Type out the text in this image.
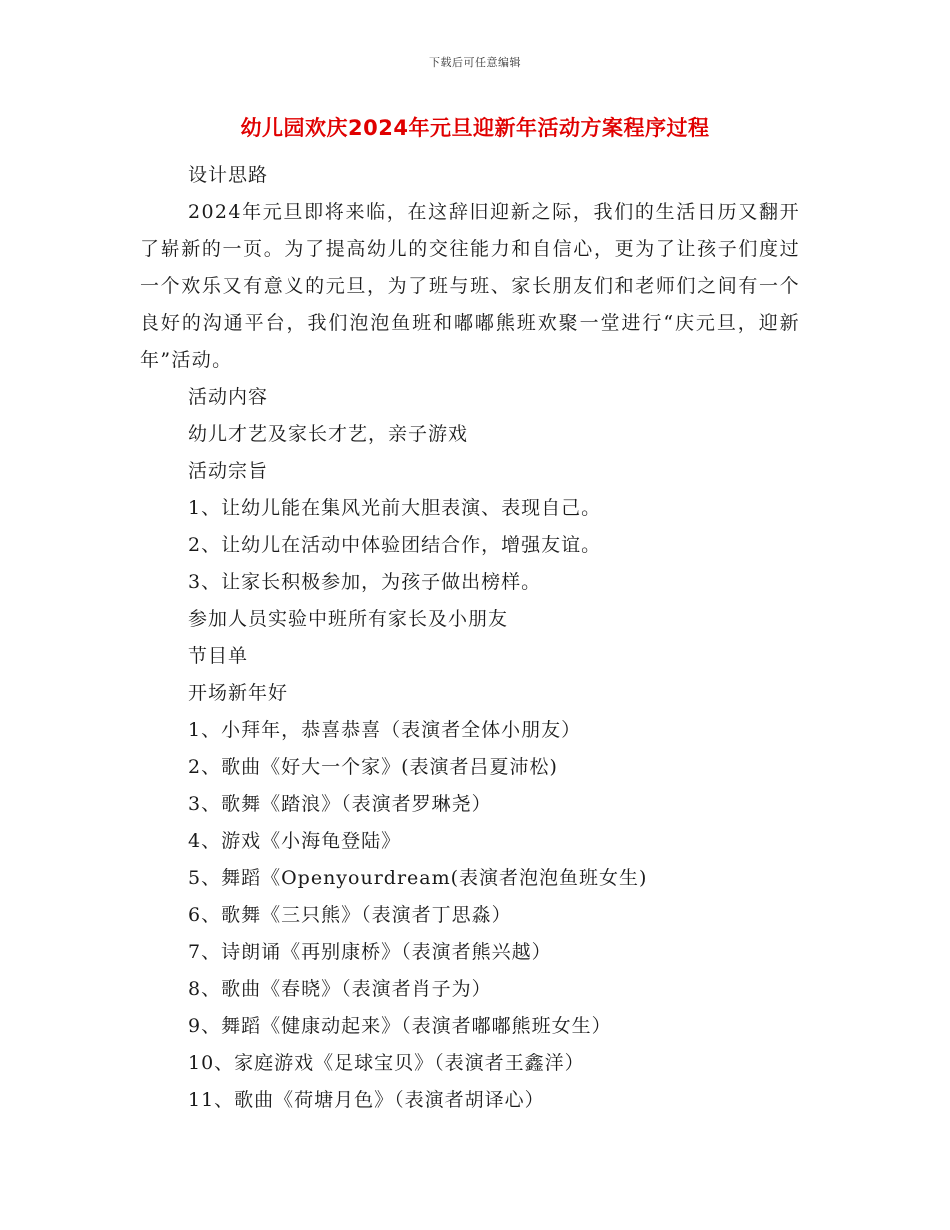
下载后可任意编辑
幼儿园欢庆2024年元旦迎新年活动方案程序过程
设计思路

2024年元旦即将来临，在这辞旧迎新之际，我们的生活日历又翻开了崭新的一页。为了提高幼儿的交往能力和自信心，更为了让孩子们度过一个欢乐又有意义的元旦，为了班与班、家长朋友们和老师们之间有一个良好的沟通平台，我们泡泡鱼班和嘟嘟熊班欢聚一堂进行“庆元旦，迎新年”活动。

活动内容
幼儿才艺及家长才艺，亲子游戏
活动宗旨
1、让幼儿能在集风光前大胆表演、表现自己。
2、让幼儿在活动中体验团结合作，增强友谊。
3、让家长积极参加，为孩子做出榜样。
参加人员实验中班所有家长及小朋友
节目单
开场新年好
1、小拜年，恭喜恭喜（表演者全体小朋友）
2、歌曲《好大一个家》(表演者吕夏沛松)
3、歌舞《踏浪》（表演者罗琳尧）
4、游戏《小海龟登陆》
5、舞蹈《Openyourdream(表演者泡泡鱼班女生)
6、歌舞《三只熊》（表演者丁思淼）
7、诗朗诵《再别康桥》（表演者熊兴越）
8、歌曲《春晓》（表演者肖子为）
9、舞蹈《健康动起来》（表演者嘟嘟熊班女生）
10、家庭游戏《足球宝贝》（表演者王鑫洋）
11、歌曲《荷塘月色》（表演者胡译心）
